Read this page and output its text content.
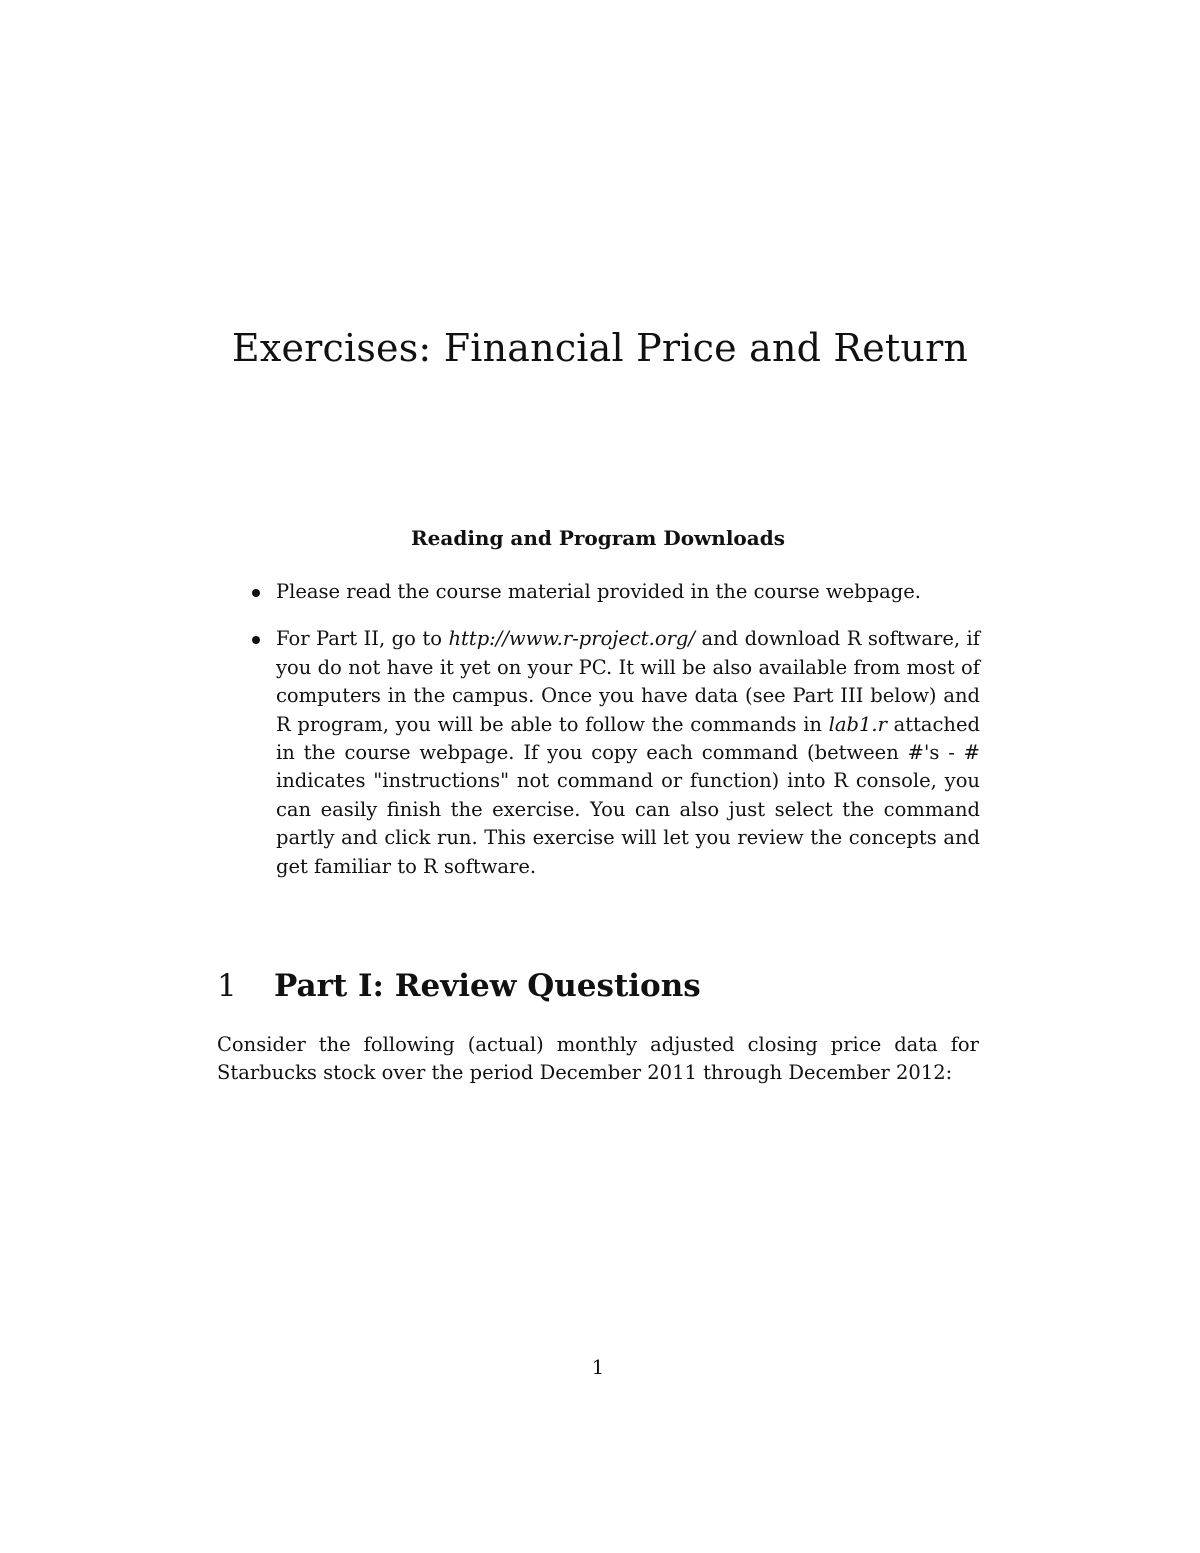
Exercises: Financial Price and Return
Reading and Program Downloads
Please read the course material provided in the course webpage.
For Part II, go to http://www.r-project.org/ and download R software, if you do not have it yet on your PC. It will be also available from most of computers in the campus. Once you have data (see Part III below) and R program, you will be able to follow the commands in lab1.r attached in the course webpage. If you copy each command (between #'s - # indicates "instructions" not command or function) into R console, you can easily finish the exercise. You can also just select the command partly and click run. This exercise will let you review the concepts and get familiar to R software.
1 Part I: Review Questions

Consider the following (actual) monthly adjusted closing price data for Starbucks stock over the period December 2011 through December 2012:

1
